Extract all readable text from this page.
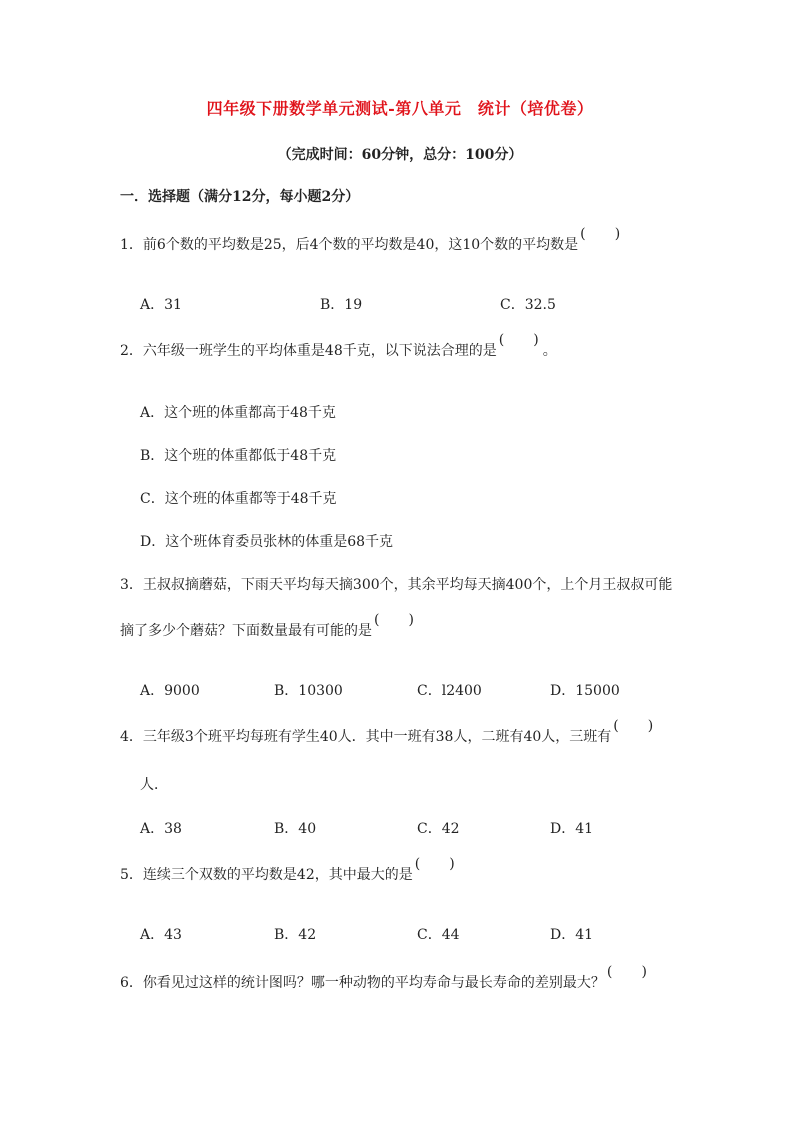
四年级下册数学单元测试-第八单元　统计（培优卷）
（完成时间：60分钟，总分：100分）
一．选择题（满分12分，每小题2分）
1．前6个数的平均数是25，后4个数的平均数是40，这10个数的平均数是( )
A．31	B．19	C．32.5
2．六年级一班学生的平均体重是48千克，以下说法合理的是( )	。
A．这个班的体重都高于48千克
B．这个班的体重都低于48千克
C．这个班的体重都等于48千克
D．这个班体育委员张林的体重是68千克
3．王叔叔摘蘑菇，下雨天平均每天摘300个，其余平均每天摘400个，上个月王叔叔可能
摘了多少个蘑菇？下面数量最有可能的是( )
A．9000	B．10300	C．l2400	D．15000
4．三年级3个班平均每班有学生40人．其中一班有38人，二班有40人，三班有( )
人．
A．38	B．40	C．42	D．41
5．连续三个双数的平均数是42，其中最大的是( )
A．43	B．42	C．44	D．41
6．你看见过这样的统计图吗？哪一种动物的平均寿命与最长寿命的差别最大？( )
